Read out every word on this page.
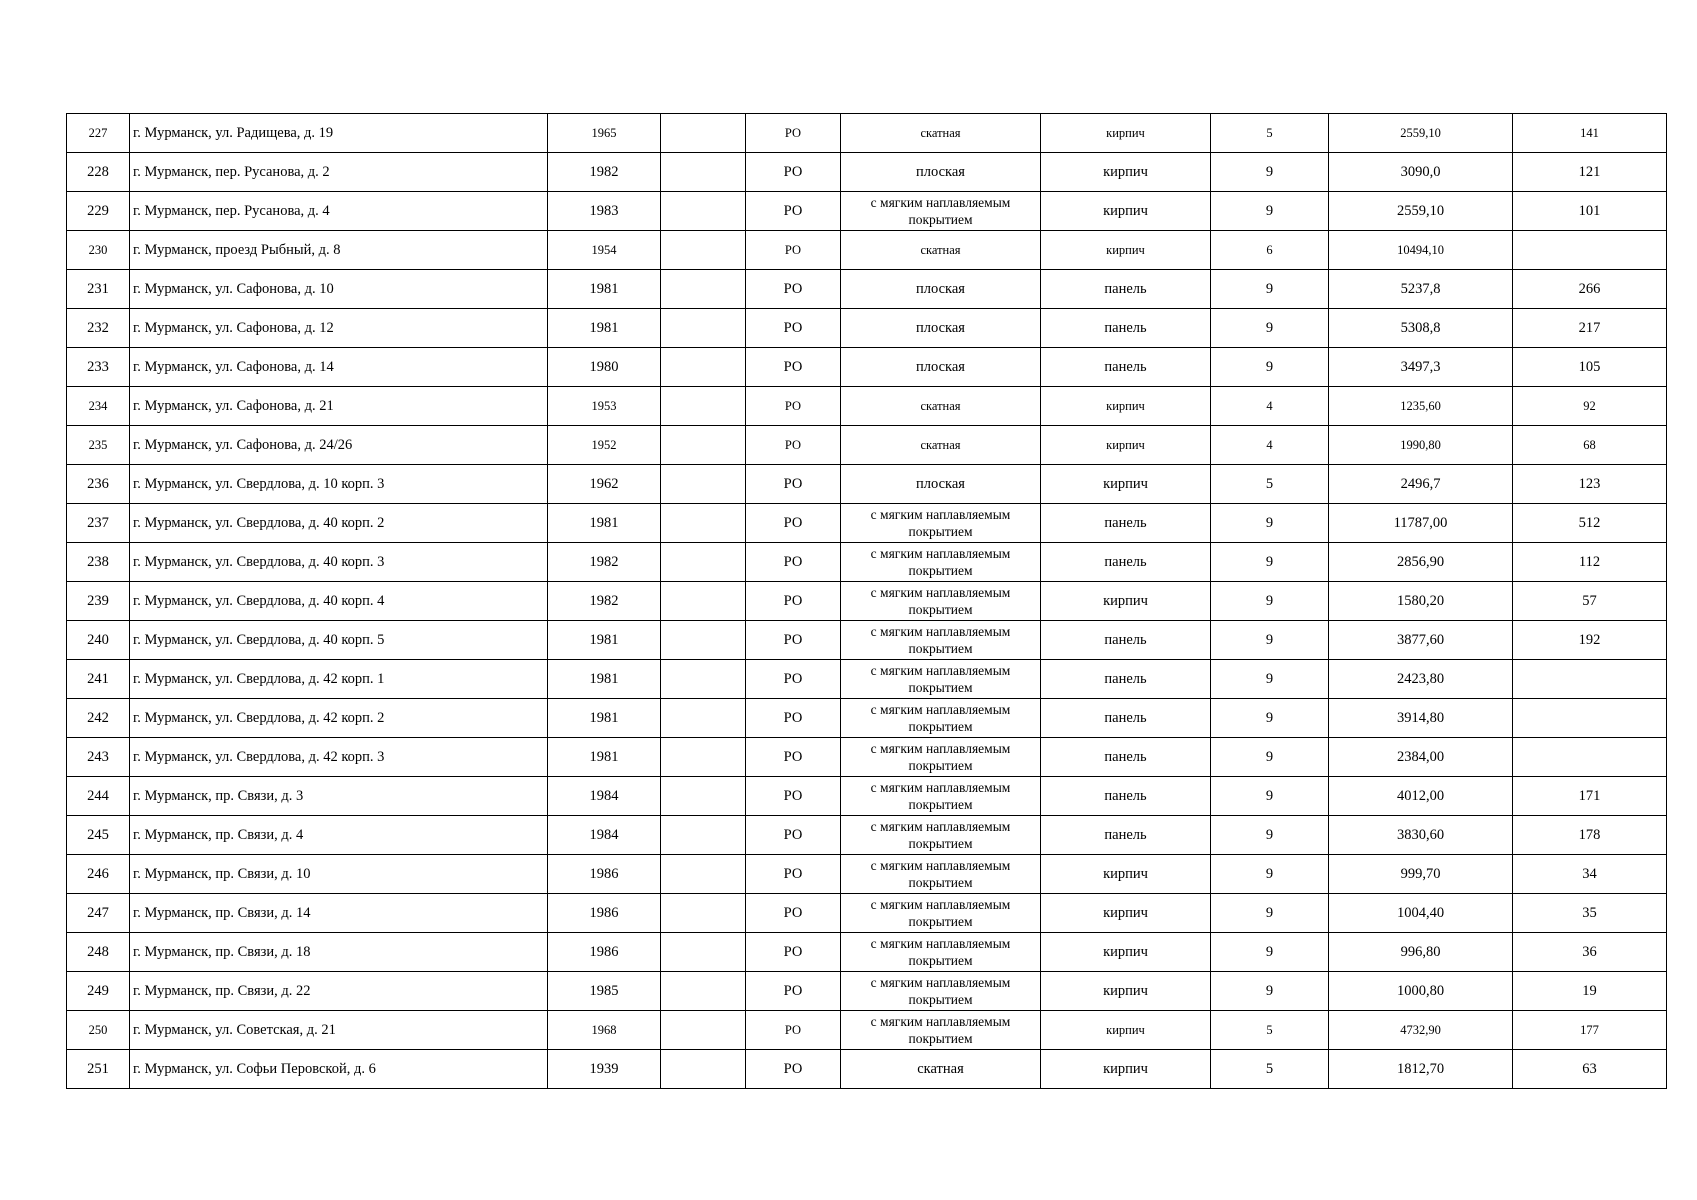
227	г. Мурманск, ул. Радищева, д. 19	1965		РО	скатная	кирпич	5	2559,10	141
228	г. Мурманск, пер. Русанова, д. 2	1982		РО	плоская	кирпич	9	3090,0	121
229	г. Мурманск, пер. Русанова, д. 4	1983		РО	с мягким наплавляемым покрытием	кирпич	9	2559,10	101
230	г. Мурманск, проезд Рыбный, д. 8	1954		РО	скатная	кирпич	6	10494,10	
231	г. Мурманск, ул. Сафонова, д. 10	1981		РО	плоская	панель	9	5237,8	266
232	г. Мурманск, ул. Сафонова, д. 12	1981		РО	плоская	панель	9	5308,8	217
233	г. Мурманск, ул. Сафонова, д. 14	1980		РО	плоская	панель	9	3497,3	105
234	г. Мурманск, ул. Сафонова, д. 21	1953		РО	скатная	кирпич	4	1235,60	92
235	г. Мурманск, ул. Сафонова, д. 24/26	1952		РО	скатная	кирпич	4	1990,80	68
236	г. Мурманск, ул. Свердлова, д. 10 корп. 3	1962		РО	плоская	кирпич	5	2496,7	123
237	г. Мурманск, ул. Свердлова, д. 40 корп. 2	1981		РО	с мягким наплавляемым покрытием	панель	9	11787,00	512
238	г. Мурманск, ул. Свердлова, д. 40 корп. 3	1982		РО	с мягким наплавляемым покрытием	панель	9	2856,90	112
239	г. Мурманск, ул. Свердлова, д. 40 корп. 4	1982		РО	с мягким наплавляемым покрытием	кирпич	9	1580,20	57
240	г. Мурманск, ул. Свердлова, д. 40 корп. 5	1981		РО	с мягким наплавляемым покрытием	панель	9	3877,60	192
241	г. Мурманск, ул. Свердлова, д. 42 корп. 1	1981		РО	с мягким наплавляемым покрытием	панель	9	2423,80	
242	г. Мурманск, ул. Свердлова, д. 42 корп. 2	1981		РО	с мягким наплавляемым покрытием	панель	9	3914,80	
243	г. Мурманск, ул. Свердлова, д. 42 корп. 3	1981		РО	с мягким наплавляемым покрытием	панель	9	2384,00	
244	г. Мурманск, пр. Связи, д. 3	1984		РО	с мягким наплавляемым покрытием	панель	9	4012,00	171
245	г. Мурманск, пр. Связи, д. 4	1984		РО	с мягким наплавляемым покрытием	панель	9	3830,60	178
246	г. Мурманск, пр. Связи, д. 10	1986		РО	с мягким наплавляемым покрытием	кирпич	9	999,70	34
247	г. Мурманск, пр. Связи, д. 14	1986		РО	с мягким наплавляемым покрытием	кирпич	9	1004,40	35
248	г. Мурманск, пр. Связи, д. 18	1986		РО	с мягким наплавляемым покрытием	кирпич	9	996,80	36
249	г. Мурманск, пр. Связи, д. 22	1985		РО	с мягким наплавляемым покрытием	кирпич	9	1000,80	19
250	г. Мурманск, ул. Советская, д. 21	1968		РО	с мягким наплавляемым покрытием	кирпич	5	4732,90	177
251	г. Мурманск, ул. Софьи Перовской, д. 6	1939		РО	скатная	кирпич	5	1812,70	63
